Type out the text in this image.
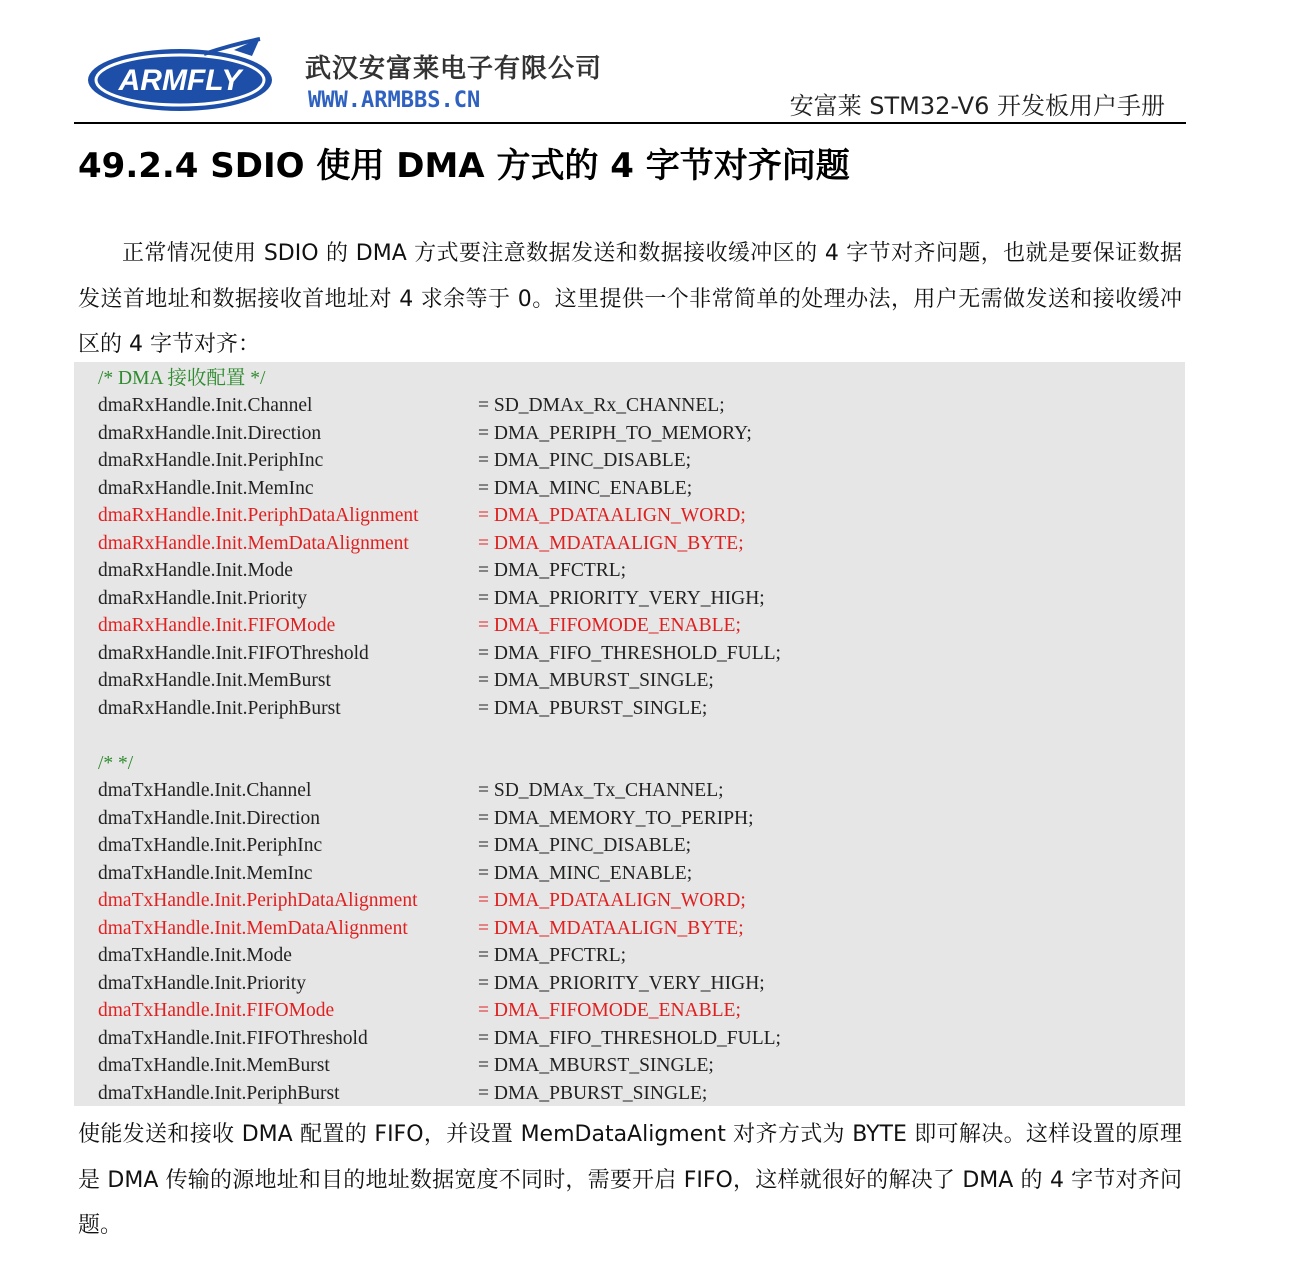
ARMFLY 武汉安富莱电子有限公司
WWW.ARMBBS.CN	安富莱 STM32-V6 开发板用户手册
49.2.4 SDIO 使用 DMA 方式的 4 字节对齐问题

正常情况使用 SDIO 的 DMA 方式要注意数据发送和数据接收缓冲区的 4 字节对齐问题，也就是要保证数据发送首地址和数据接收首地址对 4 求余等于 0。这里提供一个非常简单的处理办法，用户无需做发送和接收缓冲区的 4 字节对齐：

/* DMA 接收配置 */
dmaRxHandle.Init.Channel	= SD_DMAx_Rx_CHANNEL;
dmaRxHandle.Init.Direction	= DMA_PERIPH_TO_MEMORY;
dmaRxHandle.Init.PeriphInc	= DMA_PINC_DISABLE;
dmaRxHandle.Init.MemInc	= DMA_MINC_ENABLE;
dmaRxHandle.Init.PeriphDataAlignment	= DMA_PDATAALIGN_WORD;
dmaRxHandle.Init.MemDataAlignment	= DMA_MDATAALIGN_BYTE;
dmaRxHandle.Init.Mode	= DMA_PFCTRL;
dmaRxHandle.Init.Priority	= DMA_PRIORITY_VERY_HIGH;
dmaRxHandle.Init.FIFOMode	= DMA_FIFOMODE_ENABLE;
dmaRxHandle.Init.FIFOThreshold	= DMA_FIFO_THRESHOLD_FULL;
dmaRxHandle.Init.MemBurst	= DMA_MBURST_SINGLE;
dmaRxHandle.Init.PeriphBurst	= DMA_PBURST_SINGLE;
/* */
dmaTxHandle.Init.Channel	= SD_DMAx_Tx_CHANNEL;
dmaTxHandle.Init.Direction	= DMA_MEMORY_TO_PERIPH;
dmaTxHandle.Init.PeriphInc	= DMA_PINC_DISABLE;
dmaTxHandle.Init.MemInc	= DMA_MINC_ENABLE;
dmaTxHandle.Init.PeriphDataAlignment	= DMA_PDATAALIGN_WORD;
dmaTxHandle.Init.MemDataAlignment	= DMA_MDATAALIGN_BYTE;
dmaTxHandle.Init.Mode	= DMA_PFCTRL;
dmaTxHandle.Init.Priority	= DMA_PRIORITY_VERY_HIGH;
dmaTxHandle.Init.FIFOMode	= DMA_FIFOMODE_ENABLE;
dmaTxHandle.Init.FIFOThreshold	= DMA_FIFO_THRESHOLD_FULL;
dmaTxHandle.Init.MemBurst	= DMA_MBURST_SINGLE;
dmaTxHandle.Init.PeriphBurst	= DMA_PBURST_SINGLE;

使能发送和接收 DMA 配置的 FIFO，并设置 MemDataAligment 对齐方式为 BYTE 即可解决。这样设置的原理是 DMA 传输的源地址和目的地址数据宽度不同时，需要开启 FIFO，这样就很好的解决了 DMA 的 4 字节对齐问题。
